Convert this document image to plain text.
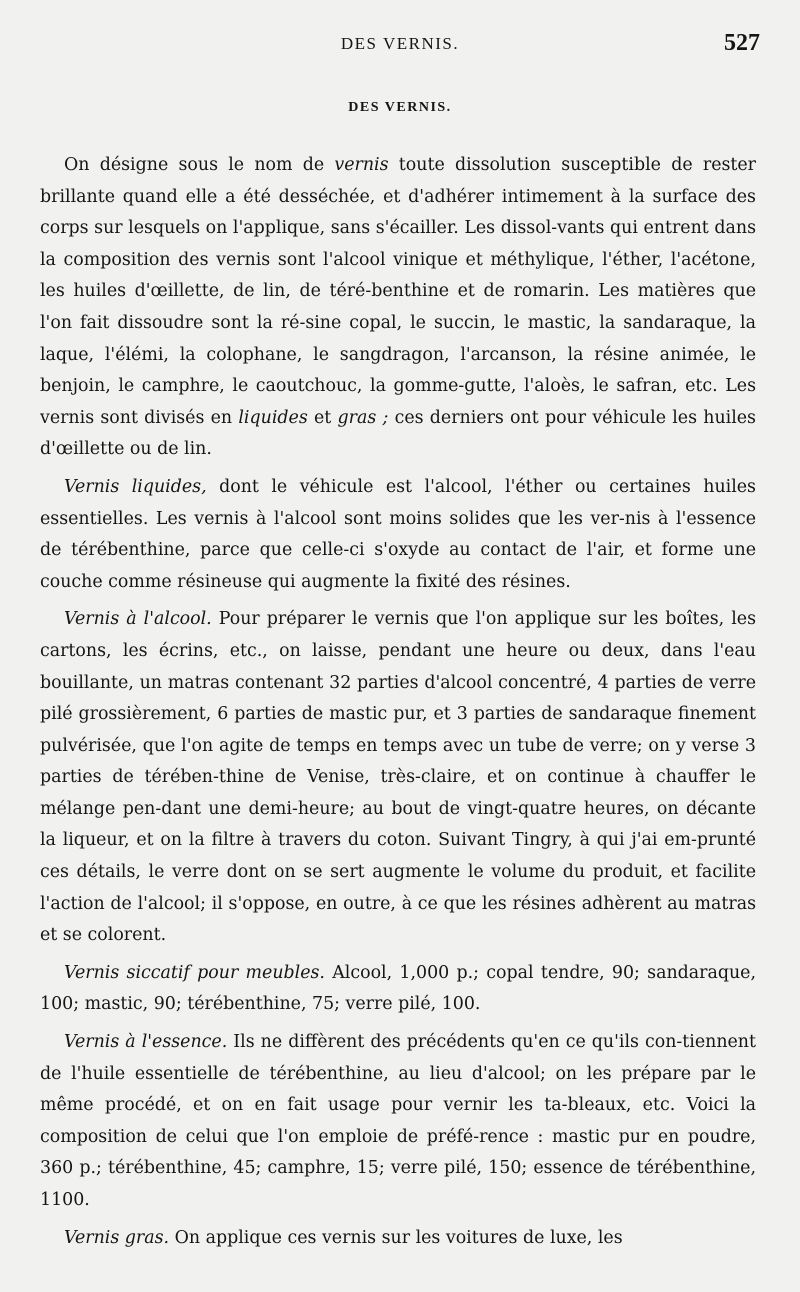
DES VERNIS.	527
DES VERNIS.

On désigne sous le nom de vernis toute dissolution susceptible de rester brillante quand elle a été desséchée, et d'adhérer intimement à la surface des corps sur lesquels on l'applique, sans s'écailler. Les dissol-vants qui entrent dans la composition des vernis sont l'alcool vinique et méthylique, l'éther, l'acétone, les huiles d'œillette, de lin, de téré-benthine et de romarin. Les matières que l'on fait dissoudre sont la ré-sine copal, le succin, le mastic, la sandaraque, la laque, l'élémi, la colophane, le sangdragon, l'arcanson, la résine animée, le benjoin, le camphre, le caoutchouc, la gomme-gutte, l'aloès, le safran, etc. Les vernis sont divisés en liquides et gras ; ces derniers ont pour véhicule les huiles d'œillette ou de lin.

Vernis liquides, dont le véhicule est l'alcool, l'éther ou certaines huiles essentielles. Les vernis à l'alcool sont moins solides que les ver-nis à l'essence de térébenthine, parce que celle-ci s'oxyde au contact de l'air, et forme une couche comme résineuse qui augmente la fixité des résines.

Vernis à l'alcool. Pour préparer le vernis que l'on applique sur les boîtes, les cartons, les écrins, etc., on laisse, pendant une heure ou deux, dans l'eau bouillante, un matras contenant 32 parties d'alcool concentré, 4 parties de verre pilé grossièrement, 6 parties de mastic pur, et 3 parties de sandaraque finement pulvérisée, que l'on agite de temps en temps avec un tube de verre; on y verse 3 parties de térében-thine de Venise, très-claire, et on continue à chauffer le mélange pen-dant une demi-heure; au bout de vingt-quatre heures, on décante la liqueur, et on la filtre à travers du coton. Suivant Tingry, à qui j'ai em-prunté ces détails, le verre dont on se sert augmente le volume du produit, et facilite l'action de l'alcool; il s'oppose, en outre, à ce que les résines adhèrent au matras et se colorent.

Vernis siccatif pour meubles. Alcool, 1,000 p.; copal tendre, 90; sandaraque, 100; mastic, 90; térébenthine, 75; verre pilé, 100.

Vernis à l'essence. Ils ne diffèrent des précédents qu'en ce qu'ils con-tiennent de l'huile essentielle de térébenthine, au lieu d'alcool; on les prépare par le même procédé, et on en fait usage pour vernir les ta-bleaux, etc. Voici la composition de celui que l'on emploie de préfé-rence : mastic pur en poudre, 360 p.; térébenthine, 45; camphre, 15; verre pilé, 150; essence de térébenthine, 1100.

Vernis gras. On applique ces vernis sur les voitures de luxe, les
